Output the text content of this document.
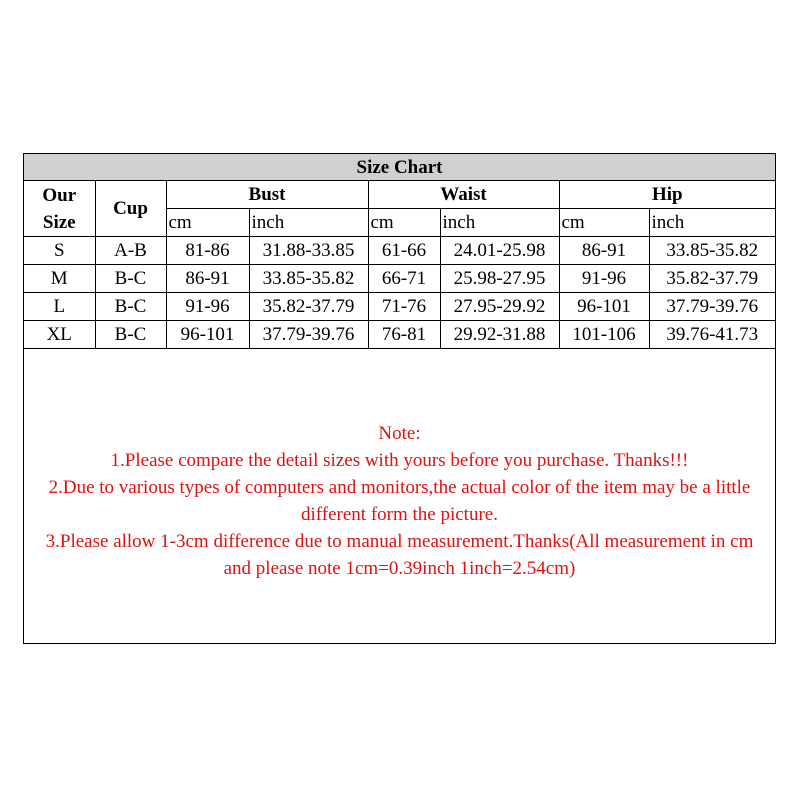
Size Chart							
Our
Size	Cup	Bust		Waist		Hip	
		cm	inch	cm	inch	cm	inch
S	A-B	81-86	31.88-33.85	61-66	24.01-25.98	86-91	33.85-35.82
M	B-C	86-91	33.85-35.82	66-71	25.98-27.95	91-96	35.82-37.79
L	B-C	91-96	35.82-37.79	71-76	27.95-29.92	96-101	37.79-39.76
XL	B-C	96-101	37.79-39.76	76-81	29.92-31.88	101-106	39.76-41.73
Note:
1.Please compare the detail sizes with yours before you purchase. Thanks!!!
2.Due to various types of computers and monitors,the actual color of the item may be a little different form the picture.
3.Please allow 1-3cm difference due to manual measurement.Thanks(All measurement in cm and please note 1cm=0.39inch 1inch=2.54cm)
